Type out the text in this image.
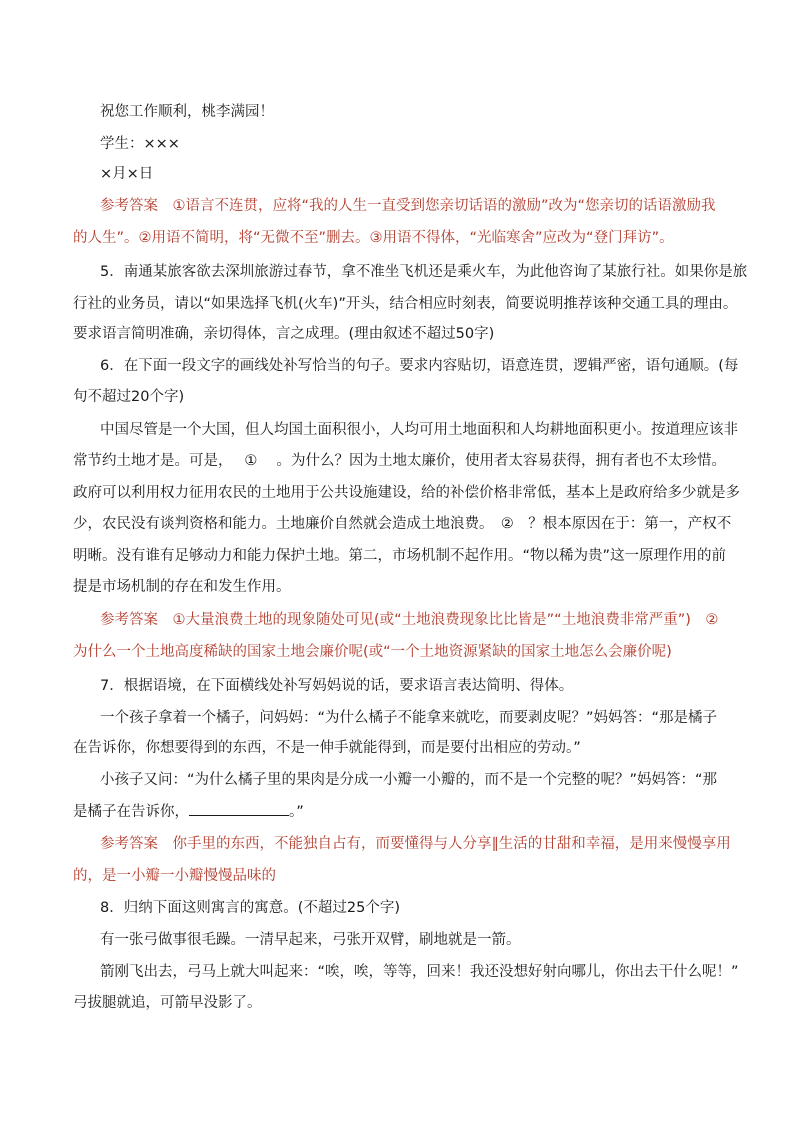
祝您工作顺利，桃李满园！
学生：×××
×月×日
参考答案　 ①语言不连贯，应将“我的人生一直受到您亲切话语的激励”改为“您亲切的话语激励我
的人生”。②用语不简明，将“无微不至”删去。③用语不得体，“光临寒舍”应改为“登门拜访”。
5．南通某旅客欲去深圳旅游过春节，拿不准坐飞机还是乘火车，为此他咨询了某旅行社。如果你是旅
行社的业务员，请以“如果选择飞机(火车)”开头，结合相应时刻表，简要说明推荐该种交通工具的理由。
要求语言简明准确，亲切得体，言之成理。(理由叙述不超过50字)
6．在下面一段文字的画线处补写恰当的句子。要求内容贴切，语意连贯，逻辑严密，语句通顺。(每
句不超过20个字)
中国尽管是一个大国，但人均国土面积很小，人均可用土地面积和人均耕地面积更小。按道理应该非
常节约土地才是。可是，　 ①　 。为什么？因为土地太廉价，使用者太容易获得，拥有者也不太珍惜。
政府可以利用权力征用农民的土地用于公共设施建设，给的补偿价格非常低，基本上是政府给多少就是多
少，农民没有谈判资格和能力。土地廉价自然就会造成土地浪费。　②　？根本原因在于：第一，产权不
明晰。没有谁有足够动力和能力保护土地。第二，市场机制不起作用。“物以稀为贵”这一原理作用的前
提是市场机制的存在和发生作用。
参考答案　 ①大量浪费土地的现象随处可见(或“土地浪费现象比比皆是”“土地浪费非常严重”)　②
为什么一个土地高度稀缺的国家土地会廉价呢(或“一个土地资源紧缺的国家土地怎么会廉价呢)
7．根据语境，在下面横线处补写妈妈说的话，要求语言表达简明、得体。
一个孩子拿着一个橘子，问妈妈：“为什么橘子不能拿来就吃，而要剥皮呢？”妈妈答：“那是橘子
在告诉你，你想要得到的东西，不是一伸手就能得到，而是要付出相应的劳动。”
小孩子又问：“为什么橘子里的果肉是分成一小瓣一小瓣的，而不是一个完整的呢？”妈妈答：“那
是橘子在告诉你，	。”
参考答案　 你手里的东西，不能独自占有，而要懂得与人分享∥生活的甘甜和幸福，是用来慢慢享用
的，是一小瓣一小瓣慢慢品味的
8．归纳下面这则寓言的寓意。(不超过25个字)
有一张弓做事很毛躁。一清早起来，弓张开双臂，刷地就是一箭。
箭刚飞出去，弓马上就大叫起来：“唉，唉，等等，回来！我还没想好射向哪儿，你出去干什么呢！”
弓拔腿就追，可箭早没影了。
